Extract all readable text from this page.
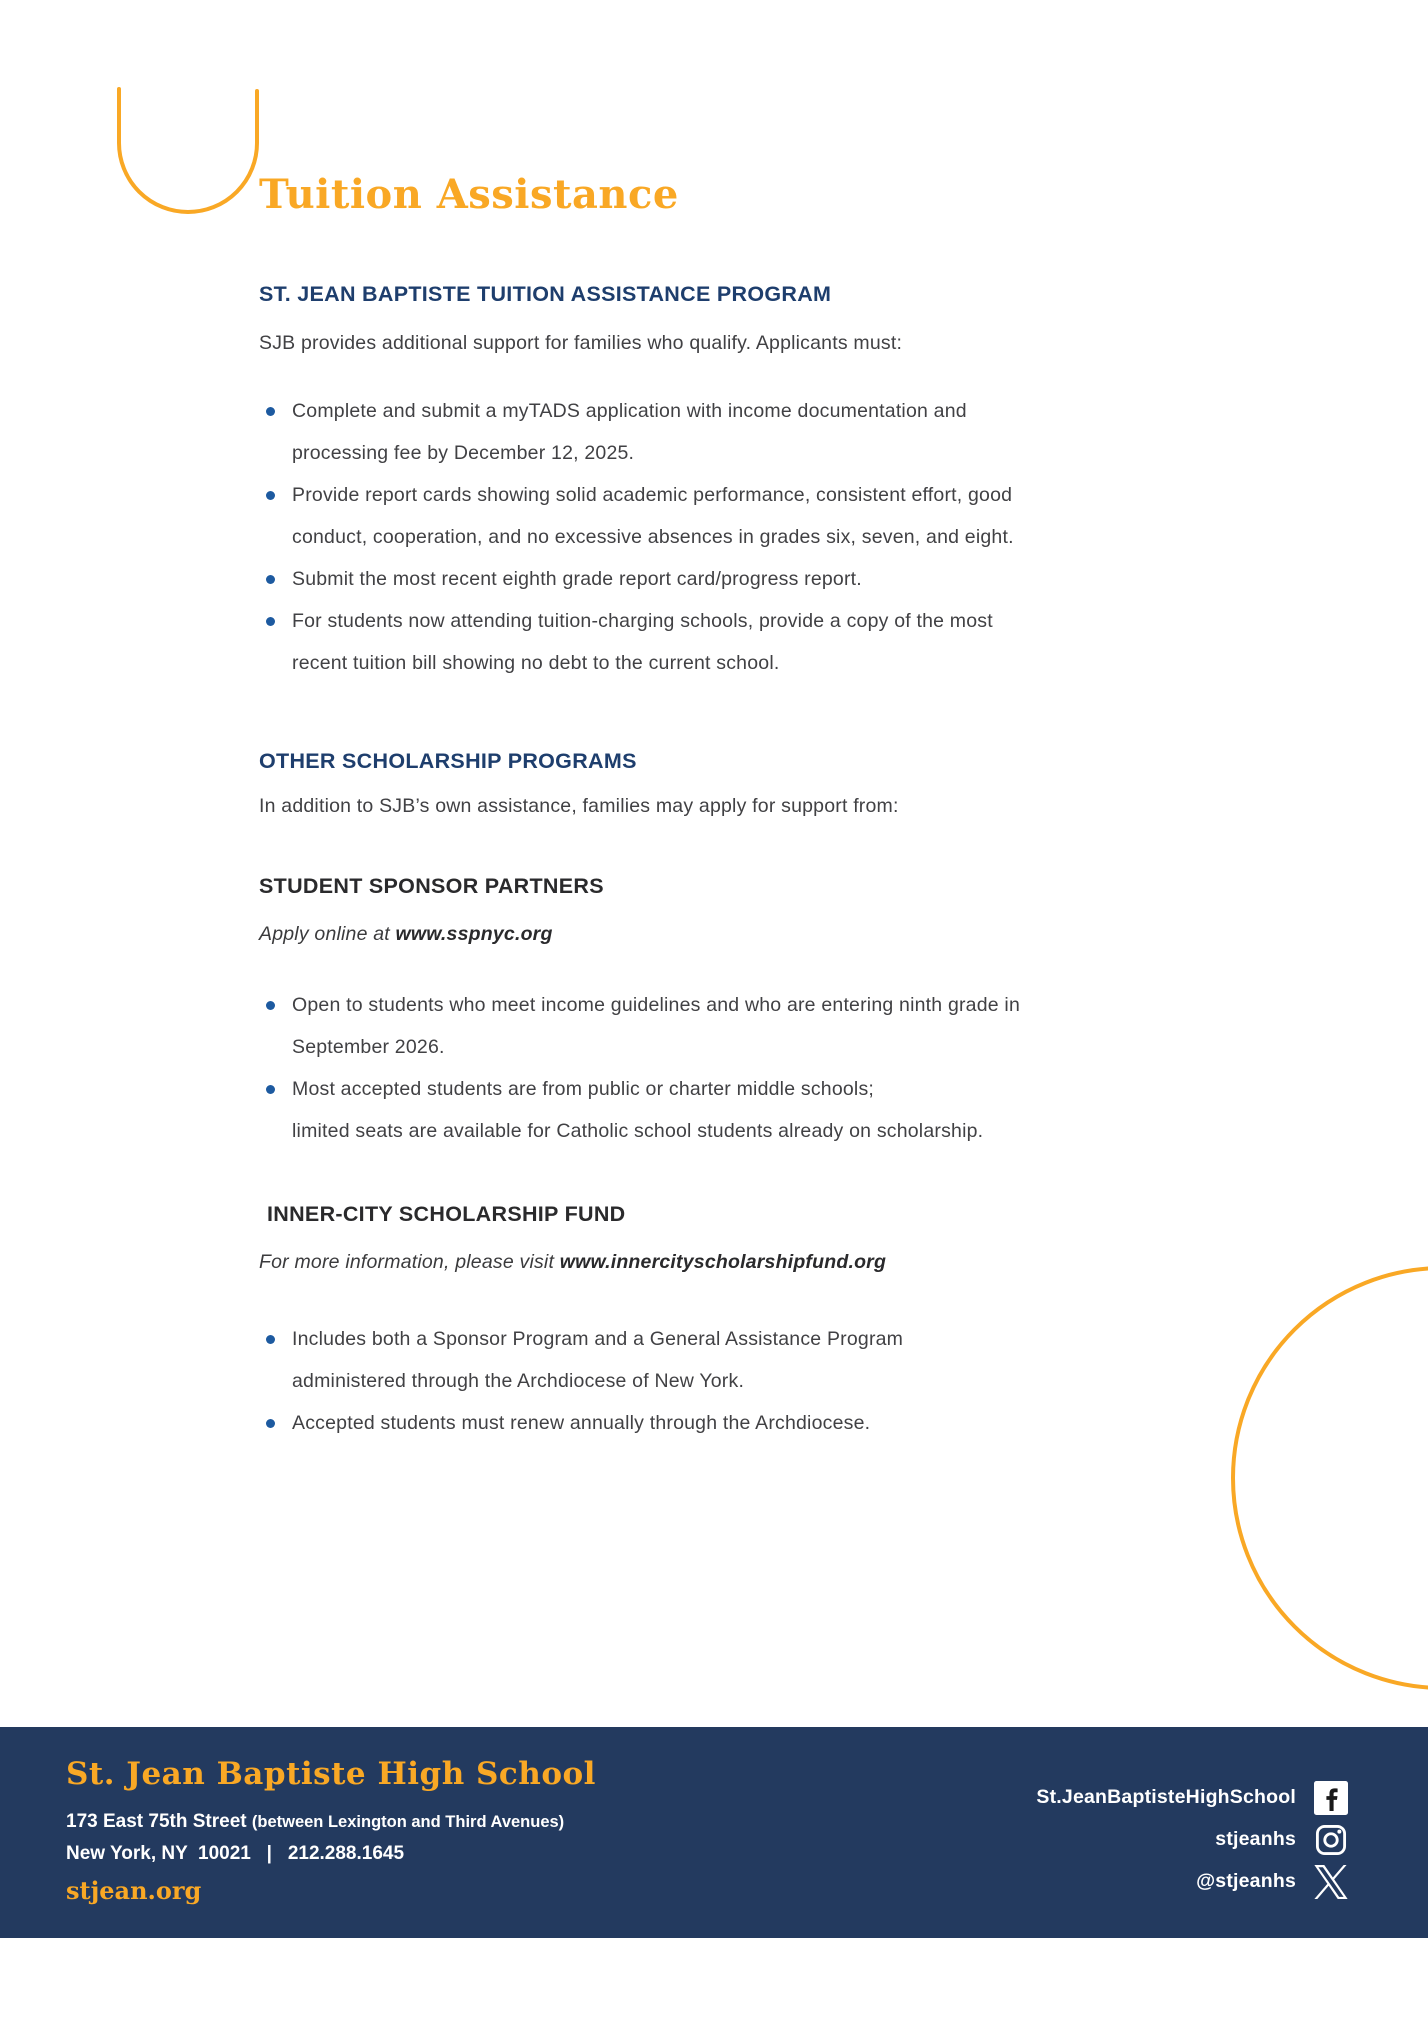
Tuition Assistance
ST. JEAN BAPTISTE TUITION ASSISTANCE PROGRAM

SJB provides additional support for families who qualify. Applicants must:

Complete and submit a myTADS application with income documentation and
processing fee by December 12, 2025.
Provide report cards showing solid academic performance, consistent effort, good
conduct, cooperation, and no excessive absences in grades six, seven, and eight.
Submit the most recent eighth grade report card/progress report.
For students now attending tuition-charging schools, provide a copy of the most
recent tuition bill showing no debt to the current school.
OTHER SCHOLARSHIP PROGRAMS

In addition to SJB’s own assistance, families may apply for support from:

STUDENT SPONSOR PARTNERS

Apply online at www.sspnyc.org

Open to students who meet income guidelines and who are entering ninth grade in
September 2026.
Most accepted students are from public or charter middle schools;
limited seats are available for Catholic school students already on scholarship.
INNER-CITY SCHOLARSHIP FUND

For more information, please visit www.innercityscholarshipfund.org

Includes both a Sponsor Program and a General Assistance Program
administered through the Archdiocese of New York.
Accepted students must renew annually through the Archdiocese.
St. Jean Baptiste High School
173 East 75th Street (between Lexington and Third Avenues)
New York, NY  10021   |   212.288.1645
stjean.org
St.JeanBaptisteHighSchool
stjeanhs
@stjeanhs
